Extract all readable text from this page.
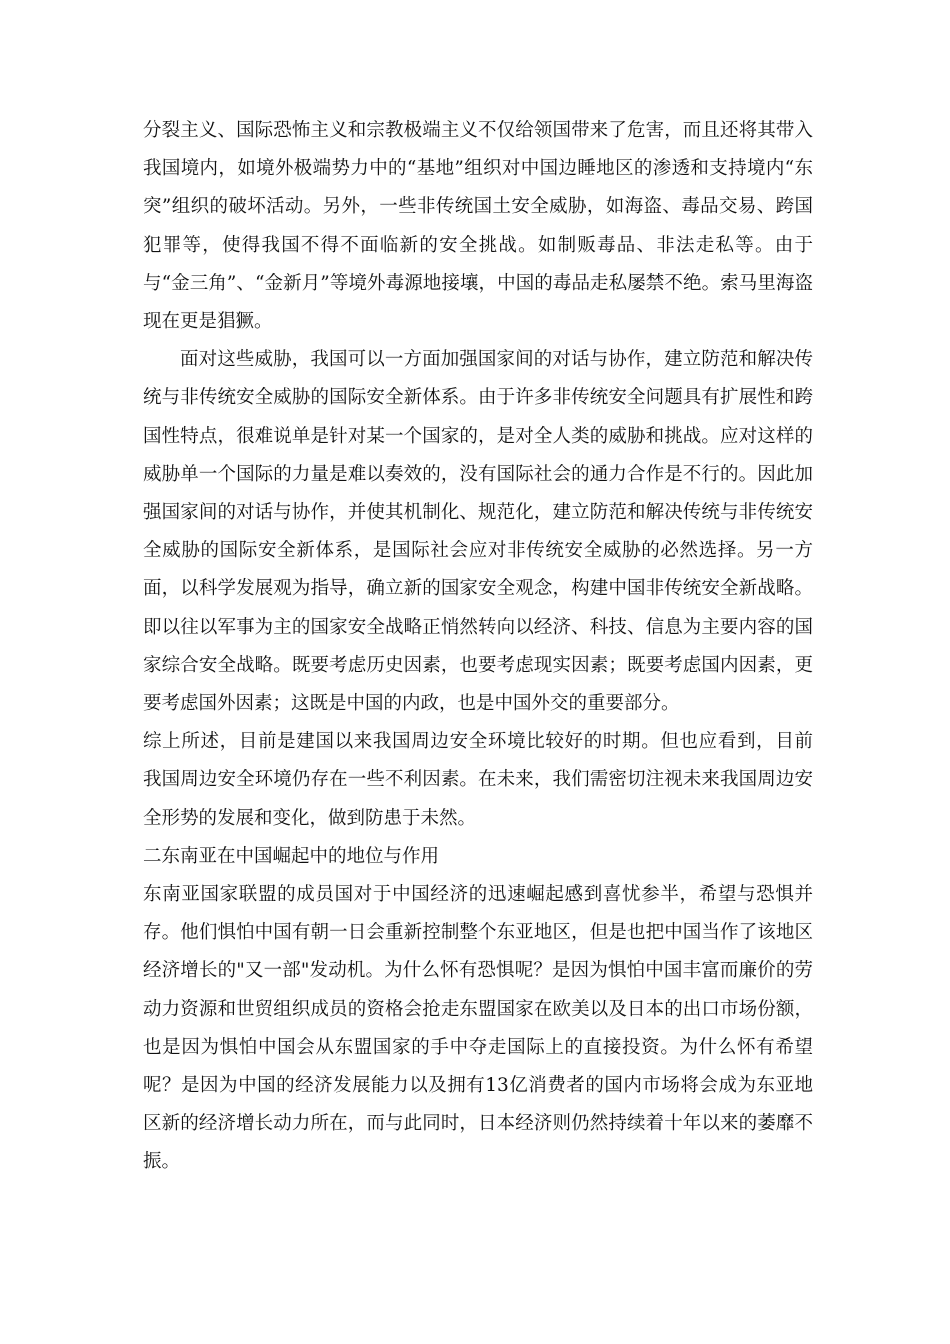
分裂主义、国际恐怖主义和宗教极端主义不仅给领国带来了危害，而且还将其带入我国境内，如境外极端势力中的“基地”组织对中国边睡地区的渗透和支持境内“东突”组织的破坏活动。另外，一些非传统国土安全威胁，如海盗、毒品交易、跨国犯罪等，使得我国不得不面临新的安全挑战。如制贩毒品、非法走私等。由于与“金三角”、“金新月”等境外毒源地接壤，中国的毒品走私屡禁不绝。索马里海盗现在更是猖獗。

面对这些威胁，我国可以一方面加强国家间的对话与协作，建立防范和解决传统与非传统安全威胁的国际安全新体系。由于许多非传统安全问题具有扩展性和跨国性特点，很难说单是针对某一个国家的，是对全人类的威胁和挑战。应对这样的威胁单一个国际的力量是难以奏效的，没有国际社会的通力合作是不行的。因此加强国家间的对话与协作，并使其机制化、规范化，建立防范和解决传统与非传统安全威胁的国际安全新体系，是国际社会应对非传统安全威胁的必然选择。另一方面，以科学发展观为指导，确立新的国家安全观念，构建中国非传统安全新战略。即以往以军事为主的国家安全战略正悄然转向以经济、科技、信息为主要内容的国家综合安全战略。既要考虑历史因素，也要考虑现实因素；既要考虑国内因素，更要考虑国外因素；这既是中国的内政，也是中国外交的重要部分。

综上所述，目前是建国以来我国周边安全环境比较好的时期。但也应看到，目前 我国周边安全环境仍存在一些不利因素。在未来，我们需密切注视未来我国周边安全形势的发展和变化，做到防患于未然。

二东南亚在中国崛起中的地位与作用

东南亚国家联盟的成员国对于中国经济的迅速崛起感到喜忧参半，希望与恐惧并存。他们惧怕中国有朝一日会重新控制整个东亚地区，但是也把中国当作了该地区经济增长的"又一部"发动机。为什么怀有恐惧呢？是因为惧怕中国丰富而廉价的劳动力资源和世贸组织成员的资格会抢走东盟国家在欧美以及日本的出口市场份额，也是因为惧怕中国会从东盟国家的手中夺走国际上的直接投资。为什么怀有希望呢？是因为中国的经济发展能力以及拥有13亿消费者的国内市场将会成为东亚地区新的经济增长动力所在，而与此同时，日本经济则仍然持续着十年以来的萎靡不振。
